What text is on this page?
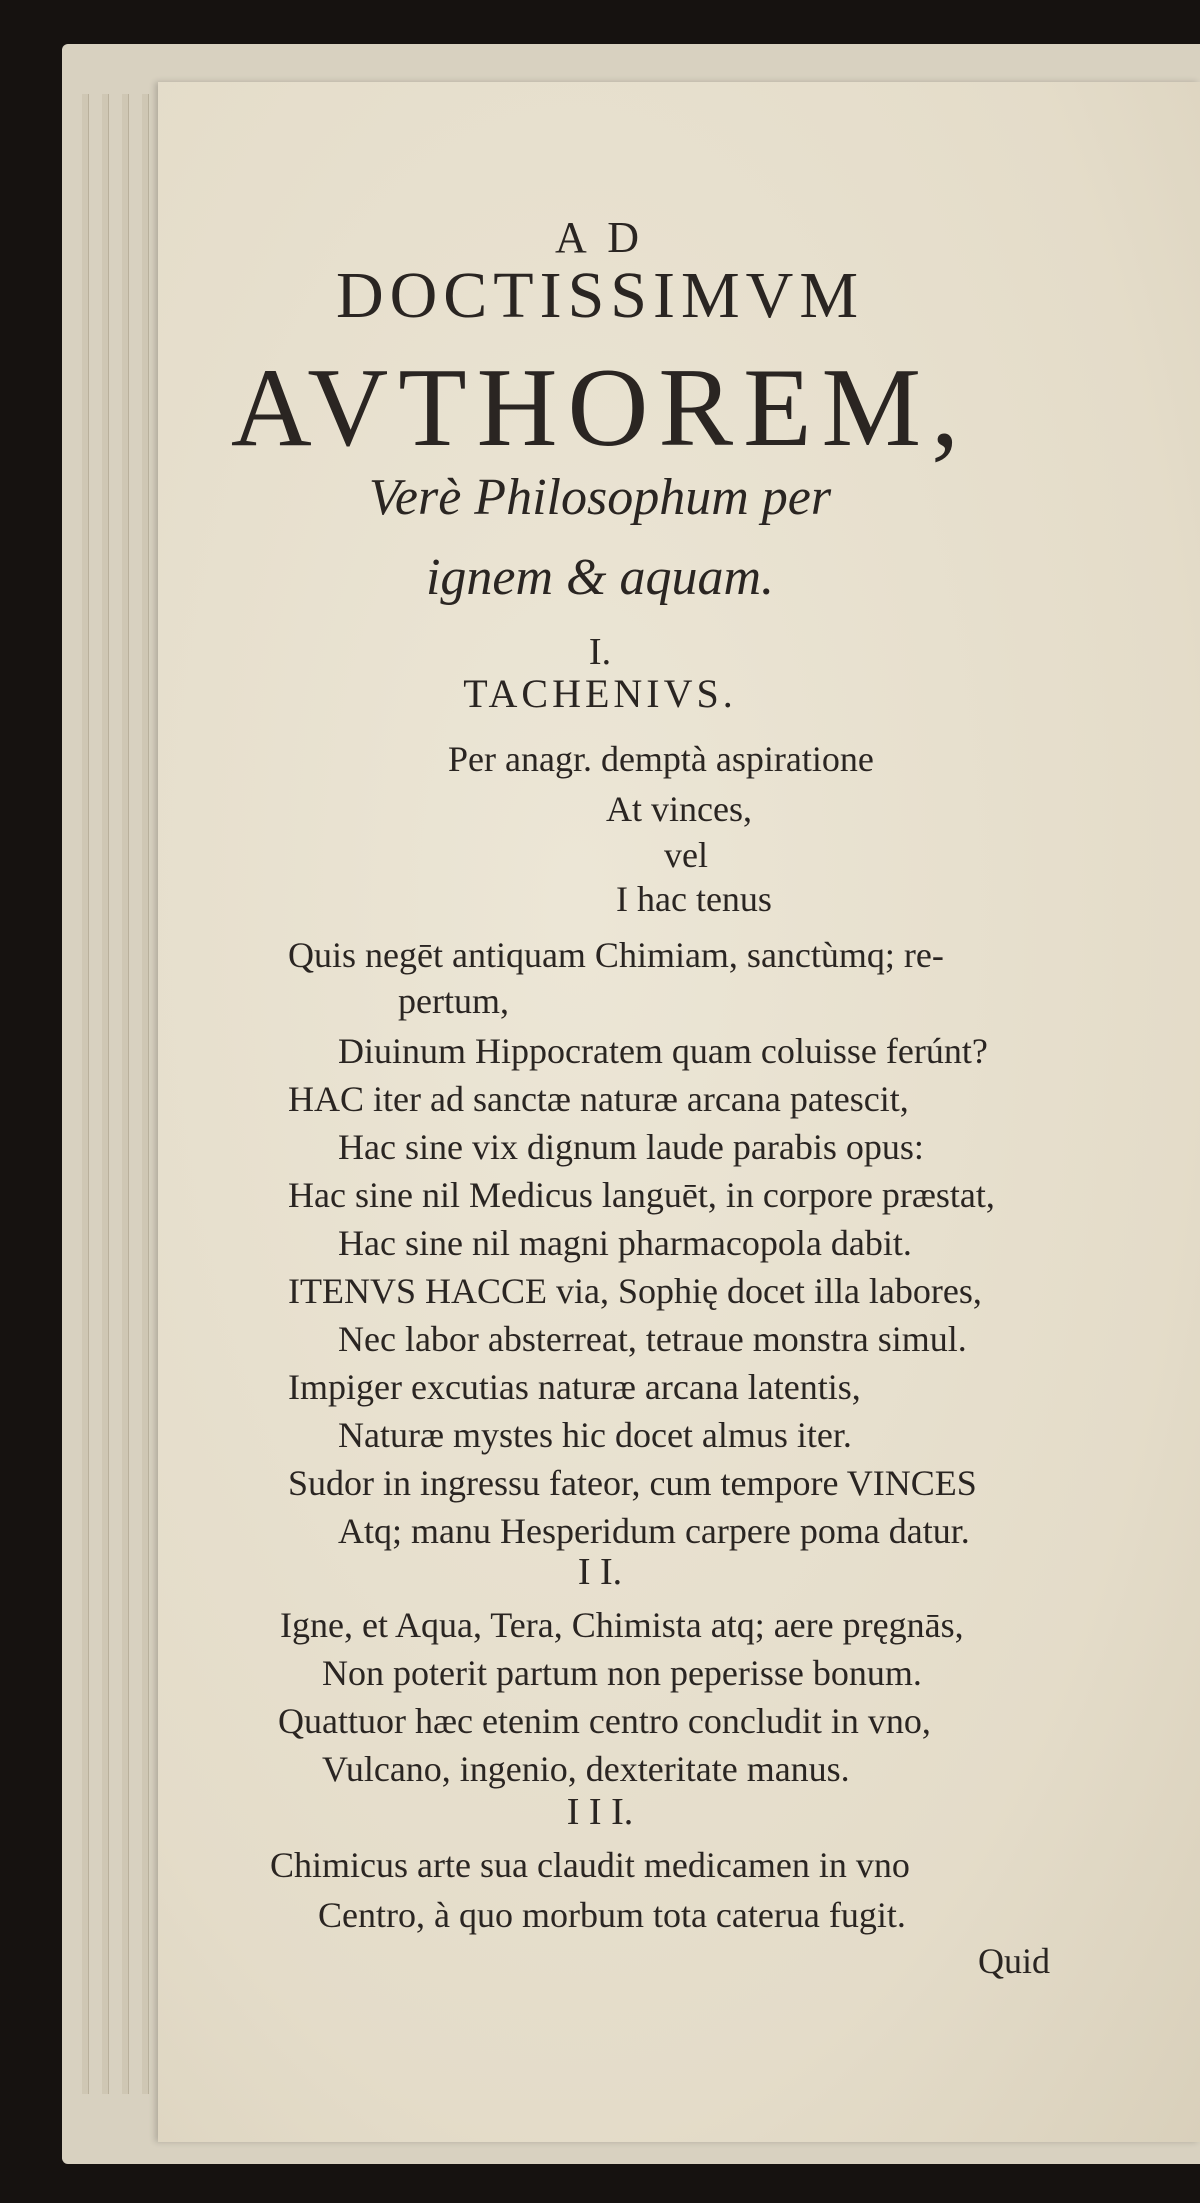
A D
DOCTISSIMVM
AVTHOREM,
Verè Philosophum per
ignem & aquam.
I.
TACHENIVS.
Per anagr. demptà aspiratione
At vinces,
vel
I hac tenus
Quis negēt antiquam Chimiam, sanctùmq; re-
pertum,
Diuinum Hippocratem quam coluisse ferúnt?
HAC iter ad sanctæ naturæ arcana patescit,
Hac sine vix dignum laude parabis opus:
Hac sine nil Medicus languēt, in corpore præstat,
Hac sine nil magni pharmacopola dabit.
ITENVS HACCE via, Sophię docet illa labores,
Nec labor absterreat, tetraue monstra simul.
Impiger excutias naturæ arcana latentis,
Naturæ mystes hic docet almus iter.
Sudor in ingressu fateor, cum tempore VINCES
Atq; manu Hesperidum carpere poma datur.
I I.
Igne, et Aqua, Tera, Chimista atq; aere pręgnās,
Non poterit partum non peperisse bonum.
Quattuor hæc etenim centro concludit in vno,
Vulcano, ingenio, dexteritate manus.
I I I.
Chimicus arte sua claudit medicamen in vno
Centro, à quo morbum tota caterua fugit.
Quid
